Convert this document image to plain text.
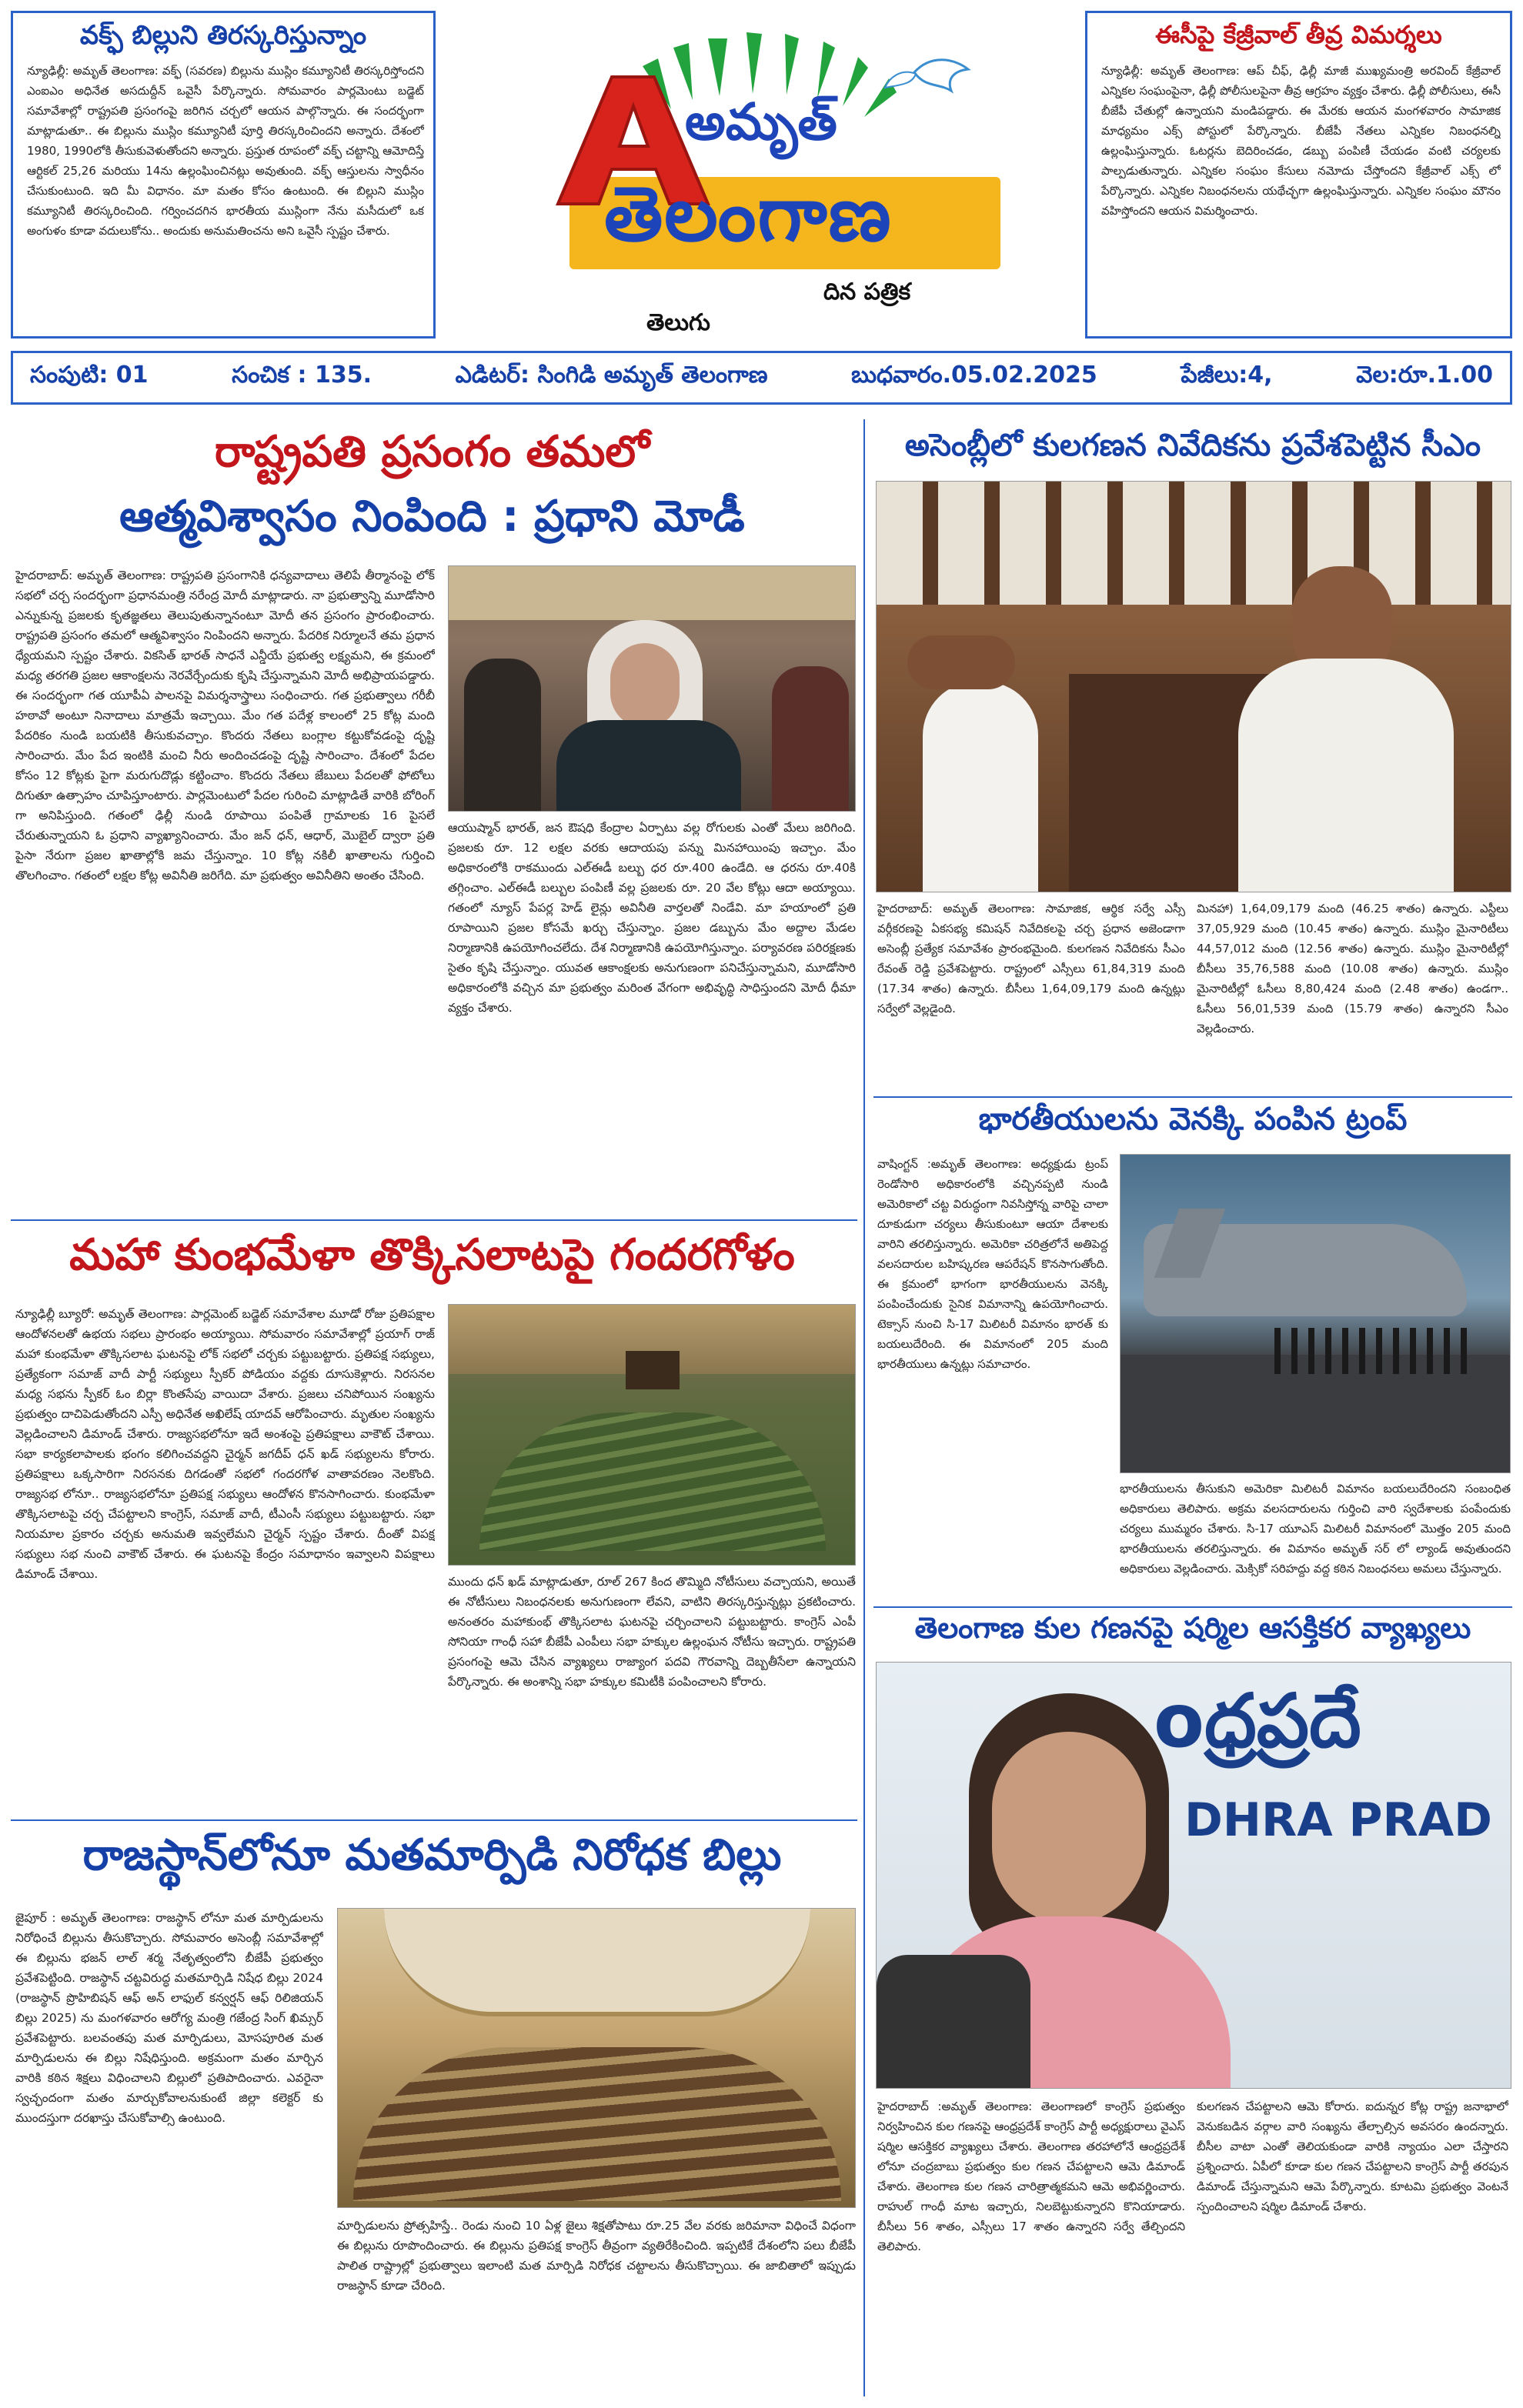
వక్ఫ్ బిల్లుని తిరస్కరిస్తున్నాం
న్యూఢిల్లీ: అమృత్ తెలంగాణ: వక్ఫ్ (సవరణ) బిల్లును ముస్లిం కమ్యూనిటీ తిరస్కరిస్తోందని ఎంఐఎం అధినేత అసదుద్దీన్ ఒవైసీ పేర్కొన్నారు. సోమవారం పార్లమెంటు బడ్జెట్ సమావేశాల్లో రాష్ట్రపతి ప్రసంగంపై జరిగిన చర్చలో ఆయన పాల్గొన్నారు. ఈ సందర్భంగా మాట్లాడుతూ.. ఈ బిల్లును ముస్లిం కమ్యూనిటీ పూర్తి తిరస్కరించిందని అన్నారు. దేశంలో 1980, 1990లోకి తీసుకువెళుతోందని అన్నారు. ప్రస్తుత రూపంలో వక్ఫ్ చట్టాన్ని ఆమోదిస్తే ఆర్టికల్ 25,26 మరియు 14ను ఉల్లంఘించినట్లు అవుతుంది. వక్ఫ్ ఆస్తులను స్వాధీనం చేసుకుంటుంది. ఇది మీ విధానం. మా మతం కోసం ఉంటుంది. ఈ బిల్లుని ముస్లిం కమ్యూనిటీ తిరస్కరించింది. గర్వించదగిన భారతీయ ముస్లింగా నేను మసీదులో ఒక అంగుళం కూడా వదులుకోను.. అందుకు అనుమతించను అని ఒవైసీ స్పష్టం చేశారు.
ఈసీపై కేజ్రీవాల్ తీవ్ర విమర్శలు
న్యూఢిల్లీ: అమృత్ తెలంగాణ: ఆప్ చీఫ్, ఢిల్లీ మాజీ ముఖ్యమంత్రి అరవింద్ కేజ్రీవాల్ ఎన్నికల సంఘంపైనా, ఢిల్లీ పోలీసులపైనా తీవ్ర ఆగ్రహం వ్యక్తం చేశారు. ఢిల్లీ పోలీసులు, ఈసీ బీజేపీ చేతుల్లో ఉన్నాయని మండిపడ్డారు. ఈ మేరకు ఆయన మంగళవారం సామాజిక మాధ్యమం ఎక్స్ పోస్టులో పేర్కొన్నారు. బీజేపీ నేతలు ఎన్నికల నిబంధనల్ని ఉల్లంఘిస్తున్నారు. ఓటర్లను బెదిరించడం, డబ్బు పంపిణీ చేయడం వంటి చర్యలకు పాల్పడుతున్నారు. ఎన్నికల సంఘం కేసులు నమోదు చేస్తోందని కేజ్రీవాల్ ఎక్స్ లో పేర్కొన్నారు. ఎన్నికల నిబంధనలను యథేచ్ఛగా ఉల్లంఘిస్తున్నారు. ఎన్నికల సంఘం మౌనం వహిస్తోందని ఆయన విమర్శించారు.
అమృత్
తెలంగాణ
తెలుగు
దిన పత్రిక
సంపుటి: 01	సంచిక : 135.	ఎడిటర్: సింగిడి అమృత్ తెలంగాణ	బుధవారం.05.02.2025	పేజీలు:4,	వెల:రూ.1.00
రాష్ట్రపతి ప్రసంగం తమలో
ఆత్మవిశ్వాసం నింపింది : ప్రధాని మోడీ
హైదరాబాద్: అమృత్ తెలంగాణ: రాష్ట్రపతి ప్రసంగానికి ధన్యవాదాలు తెలిపే తీర్మానంపై లోక్ సభలో చర్చ సందర్భంగా ప్రధానమంత్రి నరేంద్ర మోదీ మాట్లాడారు. నా ప్రభుత్వాన్ని మూడోసారి ఎన్నుకున్న ప్రజలకు కృతజ్ఞతలు తెలుపుతున్నానంటూ మోదీ తన ప్రసంగం ప్రారంభించారు. రాష్ట్రపతి ప్రసంగం తమలో ఆత్మవిశ్వాసం నింపిందని అన్నారు. పేదరిక నిర్మూలనే తమ ప్రధాన ధ్యేయమని స్పష్టం చేశారు. వికసిత్ భారత్ సాధనే ఎన్డీయే ప్రభుత్వ లక్ష్యమని, ఈ క్రమంలో మధ్య తరగతి ప్రజల ఆకాంక్షలను నెరవేర్చేందుకు కృషి చేస్తున్నామని మోదీ అభిప్రాయపడ్డారు. ఈ సందర్భంగా గత యూపీఏ పాలనపై విమర్శనాస్త్రాలు సంధించారు. గత ప్రభుత్వాలు గరీబీ హఠావో అంటూ నినాదాలు మాత్రమే ఇచ్చాయి. మేం గత పదేళ్ల కాలంలో 25 కోట్ల మంది పేదరికం నుండి బయటికి తీసుకువచ్చాం. కొందరు నేతలు బంగ్లాల కట్టుకోవడంపై దృష్టి సారించారు. మేం పేద ఇంటికి మంచి నీరు అందించడంపై దృష్టి సారించాం. దేశంలో పేదల కోసం 12 కోట్లకు పైగా మరుగుదొడ్లు కట్టించాం. కొందరు నేతలు జేబులు పేదలతో ఫోటోలు దిగుతూ ఉత్సాహం చూపిస్తూంటారు. పార్లమెంటులో పేదల గురించి మాట్లాడితే వారికి బోరింగ్ గా అనిపిస్తుంది. గతంలో ఢిల్లీ నుండి రూపాయి పంపితే గ్రామాలకు 16 పైసలే చేరుతున్నాయని ఓ ప్రధాని వ్యాఖ్యానించారు. మేం జన్ ధన్, ఆధార్, మొబైల్ ద్వారా ప్రతి పైసా నేరుగా ప్రజల ఖాతాల్లోకి జమ చేస్తున్నాం. 10 కోట్ల నకిలీ ఖాతాలను గుర్తించి తొలగించాం. గతంలో లక్షల కోట్ల అవినీతి జరిగేది. మా ప్రభుత్వం అవినీతిని అంతం చేసింది.
ఆయుష్మాన్ భారత్, జన ఔషధి కేంద్రాల ఏర్పాటు వల్ల రోగులకు ఎంతో మేలు జరిగింది. ప్రజలకు రూ. 12 లక్షల వరకు ఆదాయపు పన్ను మినహాయింపు ఇచ్చాం. మేం అధికారంలోకి రాకముందు ఎల్ఈడీ బల్బు ధర రూ.400 ఉండేది. ఆ ధరను రూ.40కి తగ్గించాం. ఎల్ఈడీ బల్బుల పంపిణీ వల్ల ప్రజలకు రూ. 20 వేల కోట్లు ఆదా అయ్యాయి. గతంలో న్యూస్ పేపర్ల హెడ్ లైన్లు అవినీతి వార్తలతో నిండేవి. మా హయాంలో ప్రతి రూపాయిని ప్రజల కోసమే ఖర్చు చేస్తున్నాం. ప్రజల డబ్బును మేం అద్దాల మేడల నిర్మాణానికి ఉపయోగించలేదు. దేశ నిర్మాణానికి ఉపయోగిస్తున్నాం. పర్యావరణ పరిరక్షణకు సైతం కృషి చేస్తున్నాం. యువత ఆకాంక్షలకు అనుగుణంగా పనిచేస్తున్నామని, మూడోసారి అధికారంలోకి వచ్చిన మా ప్రభుత్వం మరింత వేగంగా అభివృద్ధి సాధిస్తుందని మోదీ ధీమా వ్యక్తం చేశారు.
మహా కుంభమేళా తొక్కిసలాటపై గందరగోళం
న్యూఢిల్లీ బ్యూరో: అమృత్ తెలంగాణ: పార్లమెంట్ బడ్జెట్ సమావేశాల మూడో రోజు ప్రతిపక్షాల ఆందోళనలతో ఉభయ సభలు ప్రారంభం అయ్యాయి. సోమవారం సమావేశాల్లో ప్రయాగ్ రాజ్ మహా కుంభమేళా తొక్కిసలాట ఘటనపై లోక్ సభలో చర్చకు పట్టుబట్టారు. ప్రతిపక్ష సభ్యులు, ప్రత్యేకంగా సమాజ్ వాదీ పార్టీ సభ్యులు స్పీకర్ పోడియం వద్దకు దూసుకెళ్లారు. నిరసనల మధ్య సభను స్పీకర్ ఓం బిర్లా కొంతసేపు వాయిదా వేశారు. ప్రజలు చనిపోయిన సంఖ్యను ప్రభుత్వం దాచిపెడుతోందని ఎస్పీ అధినేత అఖిలేష్ యాదవ్ ఆరోపించారు. మృతుల సంఖ్యను వెల్లడించాలని డిమాండ్ చేశారు. రాజ్యసభలోనూ ఇదే అంశంపై ప్రతిపక్షాలు వాకౌట్ చేశాయి. సభా కార్యకలాపాలకు భంగం కలిగించవద్దని చైర్మన్ జగదీప్ ధన్ ఖడ్ సభ్యులను కోరారు. ప్రతిపక్షాలు ఒక్కసారిగా నిరసనకు దిగడంతో సభలో గందరగోళ వాతావరణం నెలకొంది. రాజ్యసభ లోనూ.. రాజ్యసభలోనూ ప్రతిపక్ష సభ్యులు ఆందోళన కొనసాగించారు. కుంభమేళా తొక్కిసలాటపై చర్చ చేపట్టాలని కాంగ్రెస్, సమాజ్ వాదీ, టీఎంసీ సభ్యులు పట్టుబట్టారు. సభా నియమాల ప్రకారం చర్చకు అనుమతి ఇవ్వలేమని చైర్మన్ స్పష్టం చేశారు. దీంతో విపక్ష సభ్యులు సభ నుంచి వాకౌట్ చేశారు. ఈ ఘటనపై కేంద్రం సమాధానం ఇవ్వాలని విపక్షాలు డిమాండ్ చేశాయి.
ముందు ధన్ ఖడ్ మాట్లాడుతూ, రూల్ 267 కింద తొమ్మిది నోటీసులు వచ్చాయని, అయితే ఈ నోటీసులు నిబంధనలకు అనుగుణంగా లేవని, వాటిని తిరస్కరిస్తున్నట్లు ప్రకటించారు. అనంతరం మహాకుంభ్ తొక్కిసలాట ఘటనపై చర్చించాలని పట్టుబట్టారు. కాంగ్రెస్ ఎంపీ సోనియా గాంధీ సహా బీజేపీ ఎంపీలు సభా హక్కుల ఉల్లంఘన నోటీసు ఇచ్చారు. రాష్ట్రపతి ప్రసంగంపై ఆమె చేసిన వ్యాఖ్యలు రాజ్యాంగ పదవి గౌరవాన్ని దెబ్బతీసేలా ఉన్నాయని పేర్కొన్నారు. ఈ అంశాన్ని సభా హక్కుల కమిటీకి పంపించాలని కోరారు.
రాజస్థాన్‌లోనూ మతమార్పిడి నిరోధక బిల్లు
జైపూర్ : అమృత్ తెలంగాణ: రాజస్థాన్ లోనూ మత మార్పిడులను నిరోధించే బిల్లును తీసుకొచ్చారు. సోమవారం అసెంబ్లీ సమావేశాల్లో ఈ బిల్లును భజన్ లాల్ శర్మ నేతృత్వంలోని బీజేపీ ప్రభుత్వం ప్రవేశపెట్టింది. రాజస్థాన్ చట్టవిరుద్ధ మతమార్పిడి నిషేధ బిల్లు 2024 (రాజస్థాన్ ప్రొహిబిషన్ ఆఫ్ అన్ లాఫుల్ కన్వర్షన్ ఆఫ్ రిలిజియన్ బిల్లు 2025) ను మంగళవారం ఆరోగ్య మంత్రి గజేంద్ర సింగ్ ఖిమ్సర్ ప్రవేశపెట్టారు. బలవంతపు మత మార్పిడులు, మోసపూరిత మత మార్పిడులను ఈ బిల్లు నిషేధిస్తుంది. అక్రమంగా మతం మార్చిన వారికి కఠిన శిక్షలు విధించాలని బిల్లులో ప్రతిపాదించారు. ఎవరైనా స్వచ్ఛందంగా మతం మార్చుకోవాలనుకుంటే జిల్లా కలెక్టర్ కు ముందస్తుగా దరఖాస్తు చేసుకోవాల్సి ఉంటుంది.
మార్పిడులను ప్రోత్సహిస్తే.. రెండు నుంచి 10 ఏళ్ల జైలు శిక్షతోపాటు రూ.25 వేల వరకు జరిమానా విధించే విధంగా ఈ బిల్లును రూపొందించారు. ఈ బిల్లును ప్రతిపక్ష కాంగ్రెస్ తీవ్రంగా వ్యతిరేకించింది. ఇప్పటికే దేశంలోని పలు బీజేపీ పాలిత రాష్ట్రాల్లో ప్రభుత్వాలు ఇలాంటి మత మార్పిడి నిరోధక చట్టాలను తీసుకొచ్చాయి. ఈ జాబితాలో ఇప్పుడు రాజస్థాన్ కూడా చేరింది.
అసెంబ్లీలో కులగణన నివేదికను ప్రవేశపెట్టిన సీఎం
హైదరాబాద్: అమృత్ తెలంగాణ: సామాజిక, ఆర్థిక సర్వే ఎస్సీ వర్గీకరణపై ఏకసభ్య కమిషన్ నివేదికలపై చర్చ ప్రధాన అజెండాగా అసెంబ్లీ ప్రత్యేక సమావేశం ప్రారంభమైంది. కులగణన నివేదికను సీఎం రేవంత్ రెడ్డి ప్రవేశపెట్టారు. రాష్ట్రంలో ఎస్సీలు 61,84,319 మంది (17.34 శాతం) ఉన్నారు. బీసీలు 1,64,09,179 మంది ఉన్నట్లు సర్వేలో వెల్లడైంది.
మినహా) 1,64,09,179 మంది (46.25 శాతం) ఉన్నారు. ఎస్టీలు 37,05,929 మంది (10.45 శాతం) ఉన్నారు. ముస్లిం మైనారిటీలు 44,57,012 మంది (12.56 శాతం) ఉన్నారు. ముస్లిం మైనారిటీల్లో బీసీలు 35,76,588 మంది (10.08 శాతం) ఉన్నారు. ముస్లిం మైనారిటీల్లో ఓసీలు 8,80,424 మంది (2.48 శాతం) ఉండగా.. ఓసీలు 56,01,539 మంది (15.79 శాతం) ఉన్నారని సీఎం వెల్లడించారు.
భారతీయులను వెనక్కి పంపిన ట్రంప్
వాషింగ్టన్ :అమృత్ తెలంగాణ: అధ్యక్షుడు ట్రంప్ రెండోసారి అధికారంలోకి వచ్చినప్పటి నుండి అమెరికాలో చట్ట విరుద్ధంగా నివసిస్తోన్న వారిపై చాలా దూకుడుగా చర్యలు తీసుకుంటూ ఆయా దేశాలకు వారిని తరలిస్తున్నారు. అమెరికా చరిత్రలోనే అతిపెద్ద వలసదారుల బహిష్కరణ ఆపరేషన్ కొనసాగుతోంది. ఈ క్రమంలో భాగంగా భారతీయులను వెనక్కి పంపించేందుకు సైనిక విమానాన్ని ఉపయోగించారు. టెక్సాస్ నుంచి సి-17 మిలిటరీ విమానం భారత్ కు బయలుదేరింది. ఈ విమానంలో 205 మంది భారతీయులు ఉన్నట్లు సమాచారం.
భారతీయులను తీసుకుని అమెరికా మిలిటరీ విమానం బయలుదేరిందని సంబంధిత అధికారులు తెలిపారు. అక్రమ వలసదారులను గుర్తించి వారి స్వదేశాలకు పంపేందుకు చర్యలు ముమ్మరం చేశారు. సి-17 యూఎస్ మిలిటరీ విమానంలో మొత్తం 205 మంది భారతీయులను తరలిస్తున్నారు. ఈ విమానం అమృత్ సర్ లో ల్యాండ్ అవుతుందని అధికారులు వెల్లడించారు. మెక్సికో సరిహద్దు వద్ద కఠిన నిబంధనలు అమలు చేస్తున్నారు.
తెలంగాణ కుల గణనపై షర్మిల ఆసక్తికర వ్యాఖ్యలు
oధ్రప్రదే
DHRA PRAD
హైదరాబాద్ :అమృత్ తెలంగాణ: తెలంగాణలో కాంగ్రెస్ ప్రభుత్వం నిర్వహించిన కుల గణనపై ఆంధ్రప్రదేశ్ కాంగ్రెస్ పార్టీ అధ్యక్షురాలు వైఎస్ షర్మిల ఆసక్తికర వ్యాఖ్యలు చేశారు. తెలంగాణ తరహాలోనే ఆంధ్రప్రదేశ్ లోనూ చంద్రబాబు ప్రభుత్వం కుల గణన చేపట్టాలని ఆమె డిమాండ్ చేశారు. తెలంగాణ కుల గణన చారిత్రాత్మకమని ఆమె అభివర్ణించారు. రాహుల్ గాంధీ మాట ఇచ్చారు, నిలబెట్టుకున్నారని కొనియాడారు. బీసీలు 56 శాతం, ఎస్సీలు 17 శాతం ఉన్నారని సర్వే తేల్చిందని తెలిపారు.
కులగణన చేపట్టాలని ఆమె కోరారు. ఐదున్నర కోట్ల రాష్ట్ర జనాభాలో వెనుకబడిన వర్గాల వారి సంఖ్యను తేల్చాల్సిన అవసరం ఉందన్నారు. బీసీల వాటా ఎంతో తెలియకుండా వారికి న్యాయం ఎలా చేస్తారని ప్రశ్నించారు. ఏపీలో కూడా కుల గణన చేపట్టాలని కాంగ్రెస్ పార్టీ తరపున డిమాండ్ చేస్తున్నామని ఆమె పేర్కొన్నారు. కూటమి ప్రభుత్వం వెంటనే స్పందించాలని షర్మిల డిమాండ్ చేశారు.
